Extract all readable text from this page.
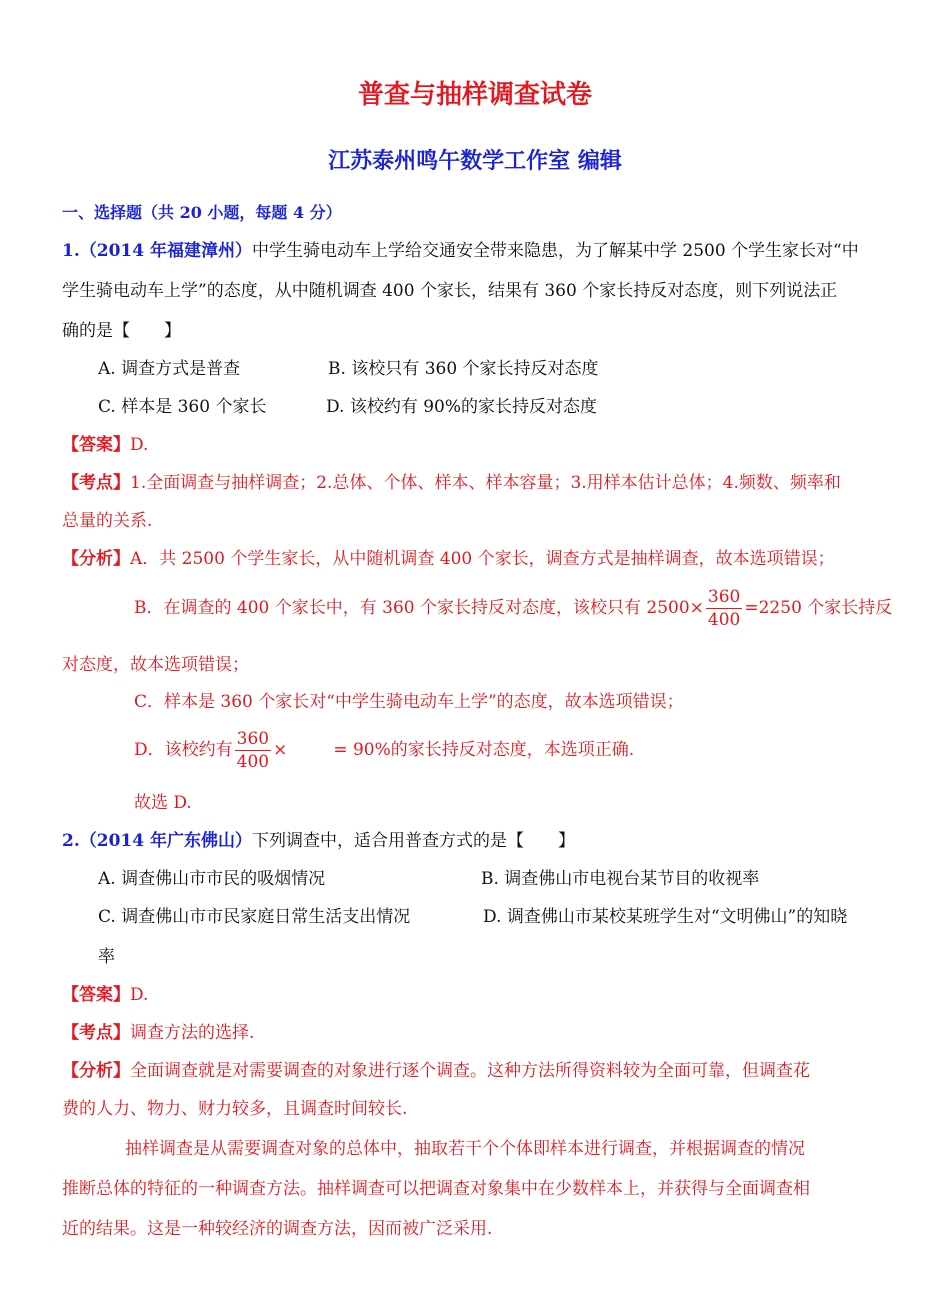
普查与抽样调查试卷
江苏泰州鸣午数学工作室 编辑
一、选择题（共 20 小题，每题 4 分）
1.（2014 年福建漳州）中学生骑电动车上学给交通安全带来隐患，为了解某中学 2500 个学生家长对“中
学生骑电动车上学”的态度，从中随机调查 400 个家长，结果有 360 个家长持反对态度，则下列说法正
确的是【　　】
A. 调查方式是普查	B. 该校只有 360 个家长持反对态度
C. 样本是 360 个家长	D. 该校约有 90%的家长持反对态度
【答案】D.
【考点】1.全面调查与抽样调查；2.总体、个体、样本、样本容量；3.用样本估计总体；4.频数、频率和
总量的关系.
【分析】A．共 2500 个学生家长，从中随机调查 400 个家长，调查方式是抽样调查，故本选项错误；
B．在调查的 400 个家长中，有 360 个家长持反对态度，该校只有 $2500\times \frac{360}{400} =2250$ 个家长持反
对态度，故本选项错误；
C．样本是 360 个家长对“中学生骑电动车上学”的态度，故本选项错误；
D．该校约有 $\frac{360}{400}$ ×	= 90%的家长持反对态度，本选项正确.
故选 D.
2.（2014 年广东佛山）下列调查中，适合用普查方式的是【　　】
A. 调查佛山市市民的吸烟情况	B. 调查佛山市电视台某节目的收视率
C. 调查佛山市市民家庭日常生活支出情况	D. 调查佛山市某校某班学生对“文明佛山”的知晓
率
【答案】D.
【考点】调查方法的选择.
【分析】全面调查就是对需要调查的对象进行逐个调查。这种方法所得资料较为全面可靠，但调查花
费的人力、物力、财力较多，且调查时间较长.
抽样调查是从需要调查对象的总体中，抽取若干个个体即样本进行调查，并根据调查的情况
推断总体的特征的一种调查方法。抽样调查可以把调查对象集中在少数样本上，并获得与全面调查相
近的结果。这是一种较经济的调查方法，因而被广泛采用.
